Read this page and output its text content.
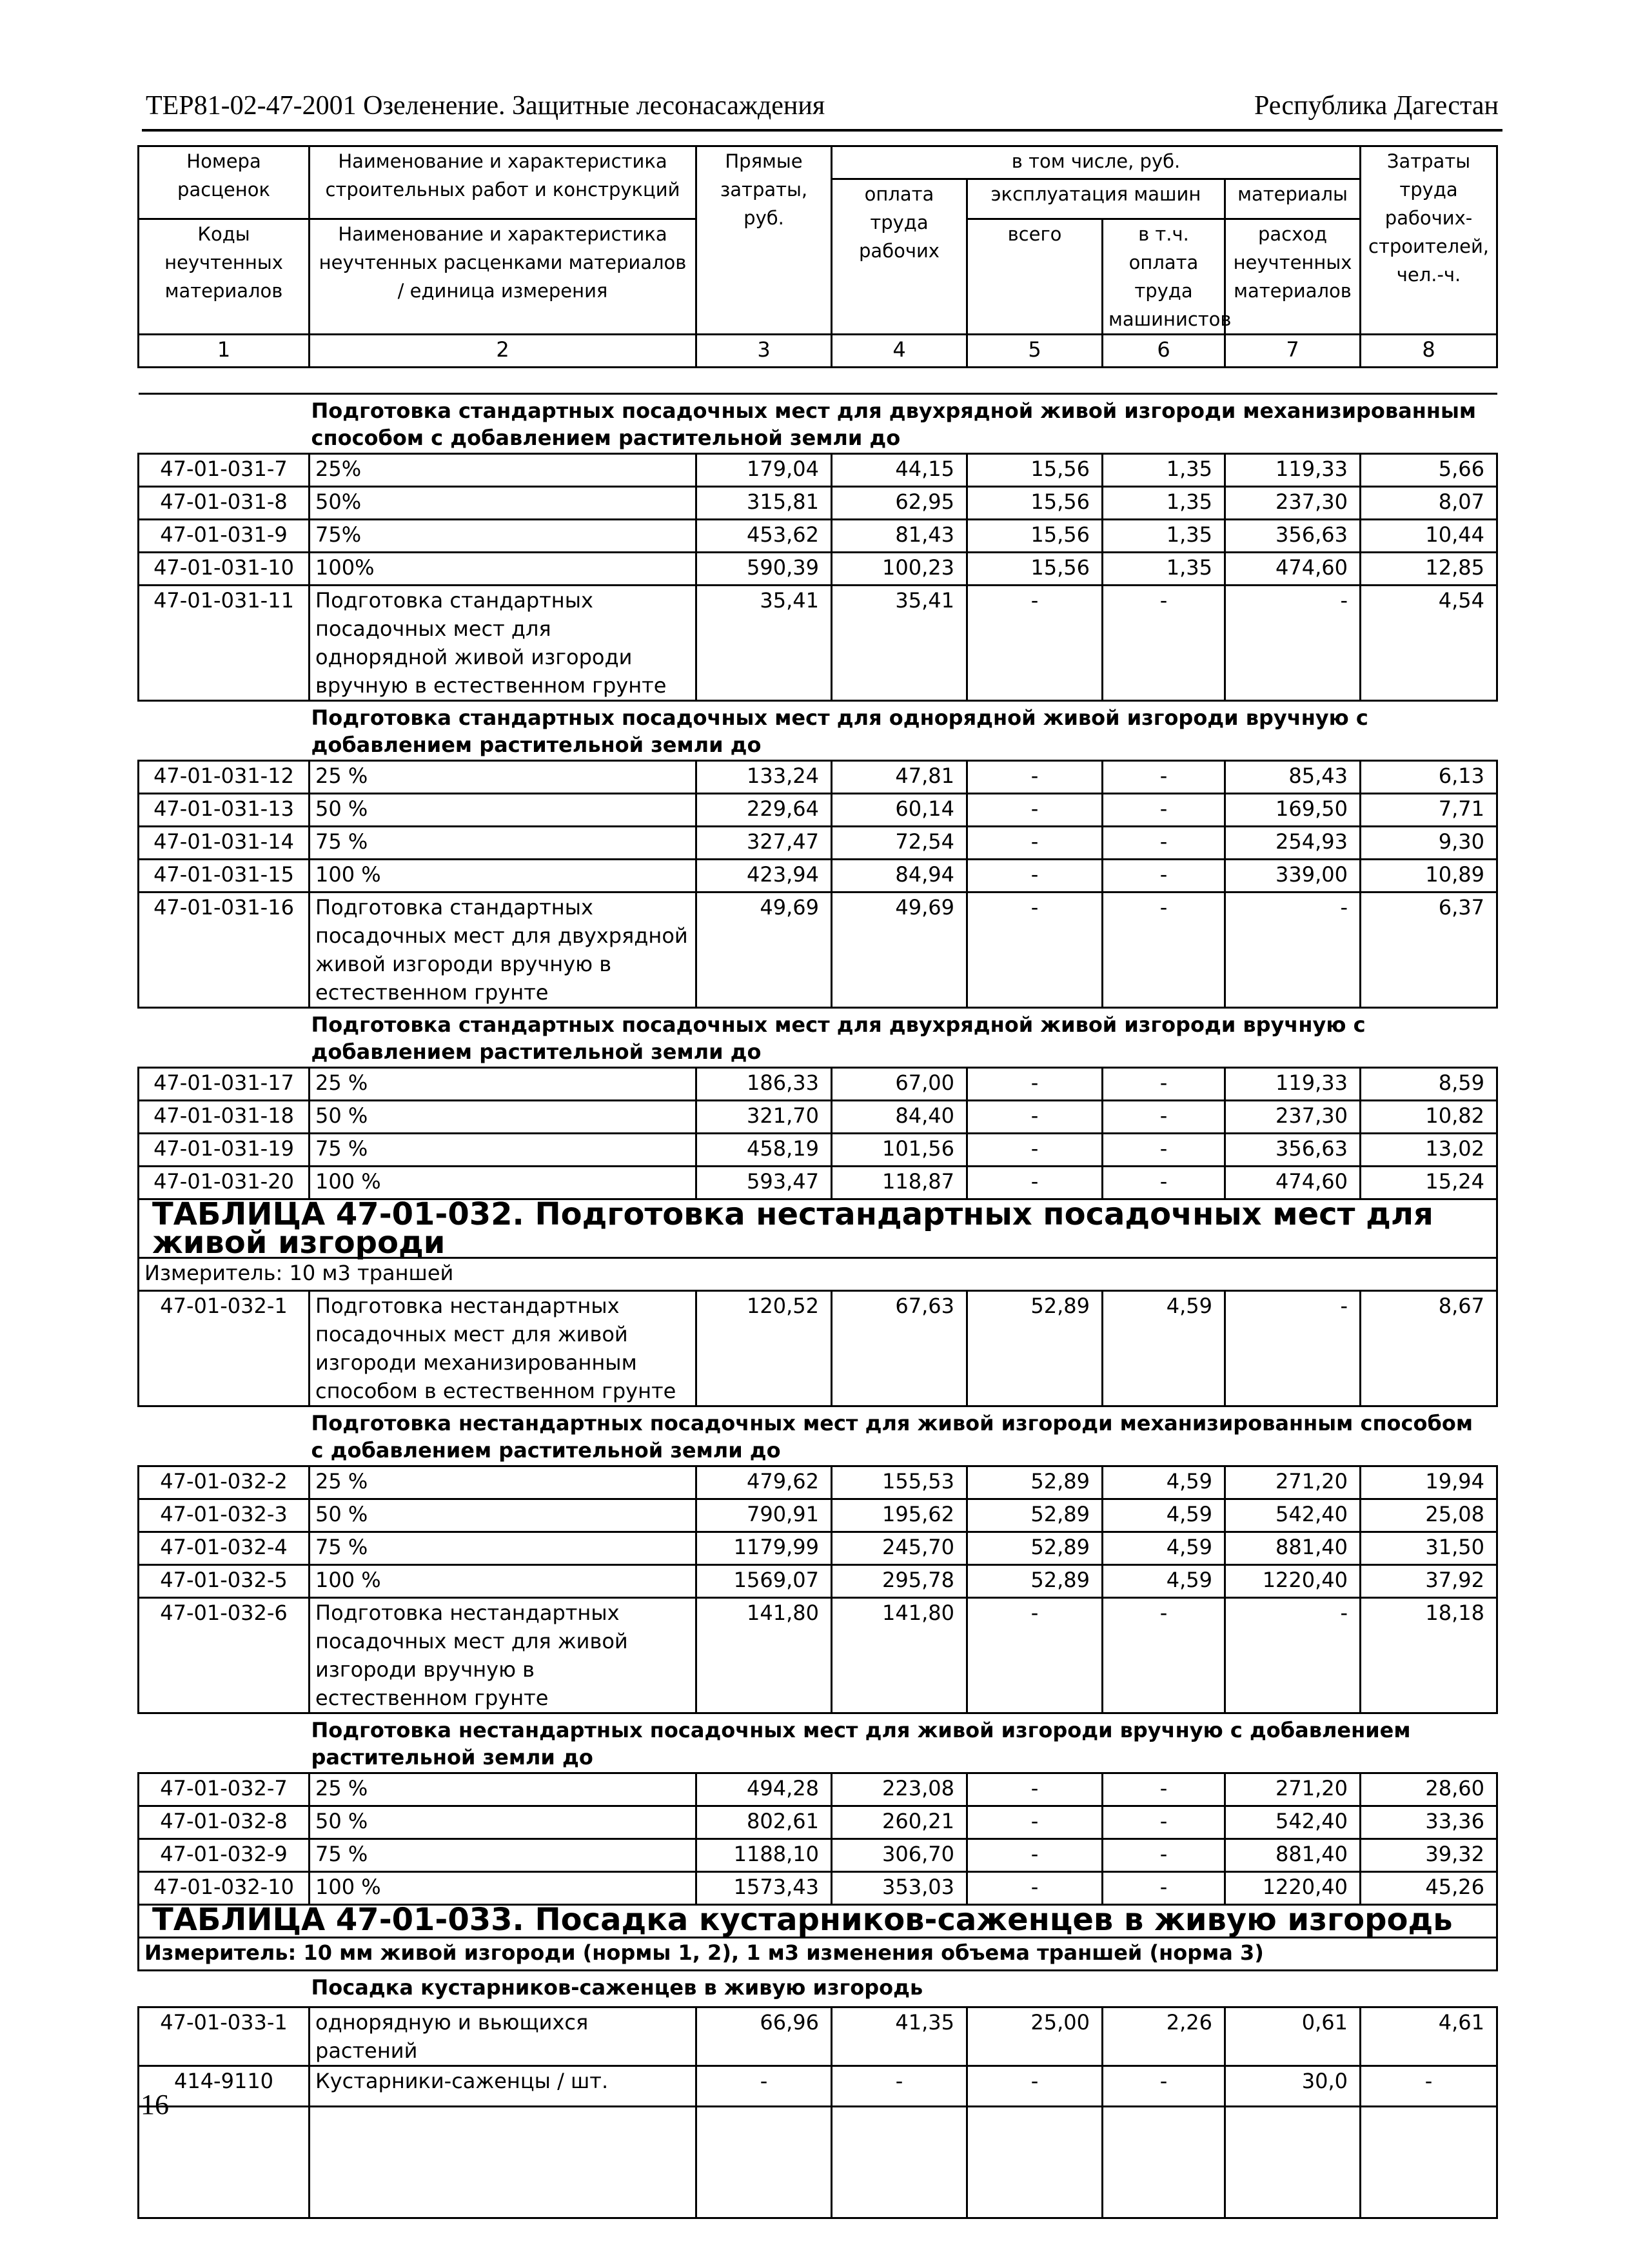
ТЕР81-02-47-2001 Озеленение. Защитные лесонасаждения	Республика Дагестан
Номера расценок	Наименование и характеристика строительных работ и конструкций	Прямые затраты, руб.	в том числе, руб.				Затраты труда рабочих-строителей, чел.-ч.
			оплата труда рабочих	эксплуатация машин		материалы	
Коды неучтенных материалов	Наименование и характеристика неучтенных расценками материалов / единица измерения			всего	в т.ч. оплата труда машинистов	расход неучтенных материалов	

1	2	3	4	5	6	7	8

Подготовка стандартных посадочных мест для двухрядной живой изгороди механизированным способом с добавлением растительной земли до							
47-01-031-7	25%	179,04	44,15	15,56	1,35	119,33	5,66
47-01-031-8	50%	315,81	62,95	15,56	1,35	237,30	8,07
47-01-031-9	75%	453,62	81,43	15,56	1,35	356,63	10,44
47-01-031-10	100%	590,39	100,23	15,56	1,35	474,60	12,85
47-01-031-11	Подготовка стандартных посадочных мест для однорядной живой изгороди вручную в естественном грунте	35,41	35,41	-	-	-	4,54
Подготовка стандартных посадочных мест для однорядной живой изгороди вручную с добавлением растительной земли до							
47-01-031-12	25 %	133,24	47,81	-	-	85,43	6,13
47-01-031-13	50 %	229,64	60,14	-	-	169,50	7,71
47-01-031-14	75 %	327,47	72,54	-	-	254,93	9,30
47-01-031-15	100 %	423,94	84,94	-	-	339,00	10,89
47-01-031-16	Подготовка стандартных посадочных мест для двухрядной живой изгороди вручную в естественном грунте	49,69	49,69	-	-	-	6,37
Подготовка стандартных посадочных мест для двухрядной живой изгороди вручную с добавлением растительной земли до							
47-01-031-17	25 %	186,33	67,00	-	-	119,33	8,59
47-01-031-18	50 %	321,70	84,40	-	-	237,30	10,82
47-01-031-19	75 %	458,19	101,56	-	-	356,63	13,02
47-01-031-20	100 %	593,47	118,87	-	-	474,60	15,24
ТАБЛИЦА 47-01-032. Подготовка нестандартных посадочных мест для живой изгороди							
Измеритель: 10 м3 траншей							
47-01-032-1	Подготовка нестандартных посадочных мест для живой изгороди механизированным способом в естественном грунте	120,52	67,63	52,89	4,59	-	8,67
Подготовка нестандартных посадочных мест для живой изгороди механизированным способом с добавлением растительной земли до							
47-01-032-2	25 %	479,62	155,53	52,89	4,59	271,20	19,94
47-01-032-3	50 %	790,91	195,62	52,89	4,59	542,40	25,08
47-01-032-4	75 %	1179,99	245,70	52,89	4,59	881,40	31,50
47-01-032-5	100 %	1569,07	295,78	52,89	4,59	1220,40	37,92
47-01-032-6	Подготовка нестандартных посадочных мест для живой изгороди вручную в естественном грунте	141,80	141,80	-	-	-	18,18
Подготовка нестандартных посадочных мест для живой изгороди вручную с добавлением растительной земли до							
47-01-032-7	25 %	494,28	223,08	-	-	271,20	28,60
47-01-032-8	50 %	802,61	260,21	-	-	542,40	33,36
47-01-032-9	75 %	1188,10	306,70	-	-	881,40	39,32
47-01-032-10	100 %	1573,43	353,03	-	-	1220,40	45,26
ТАБЛИЦА 47-01-033. Посадка кустарников-саженцев в живую изгородь							
Измеритель: 10 мм живой изгороди (нормы 1, 2), 1 м3 изменения объема траншей (норма 3)							
Посадка кустарников-саженцев в живую изгородь							
47-01-033-1	однорядную и вьющихся растений	66,96	41,35	25,00	2,26	0,61	4,61
414-9110	Кустарники-саженцы / шт.	-	-	-	-	30,0	-

16
